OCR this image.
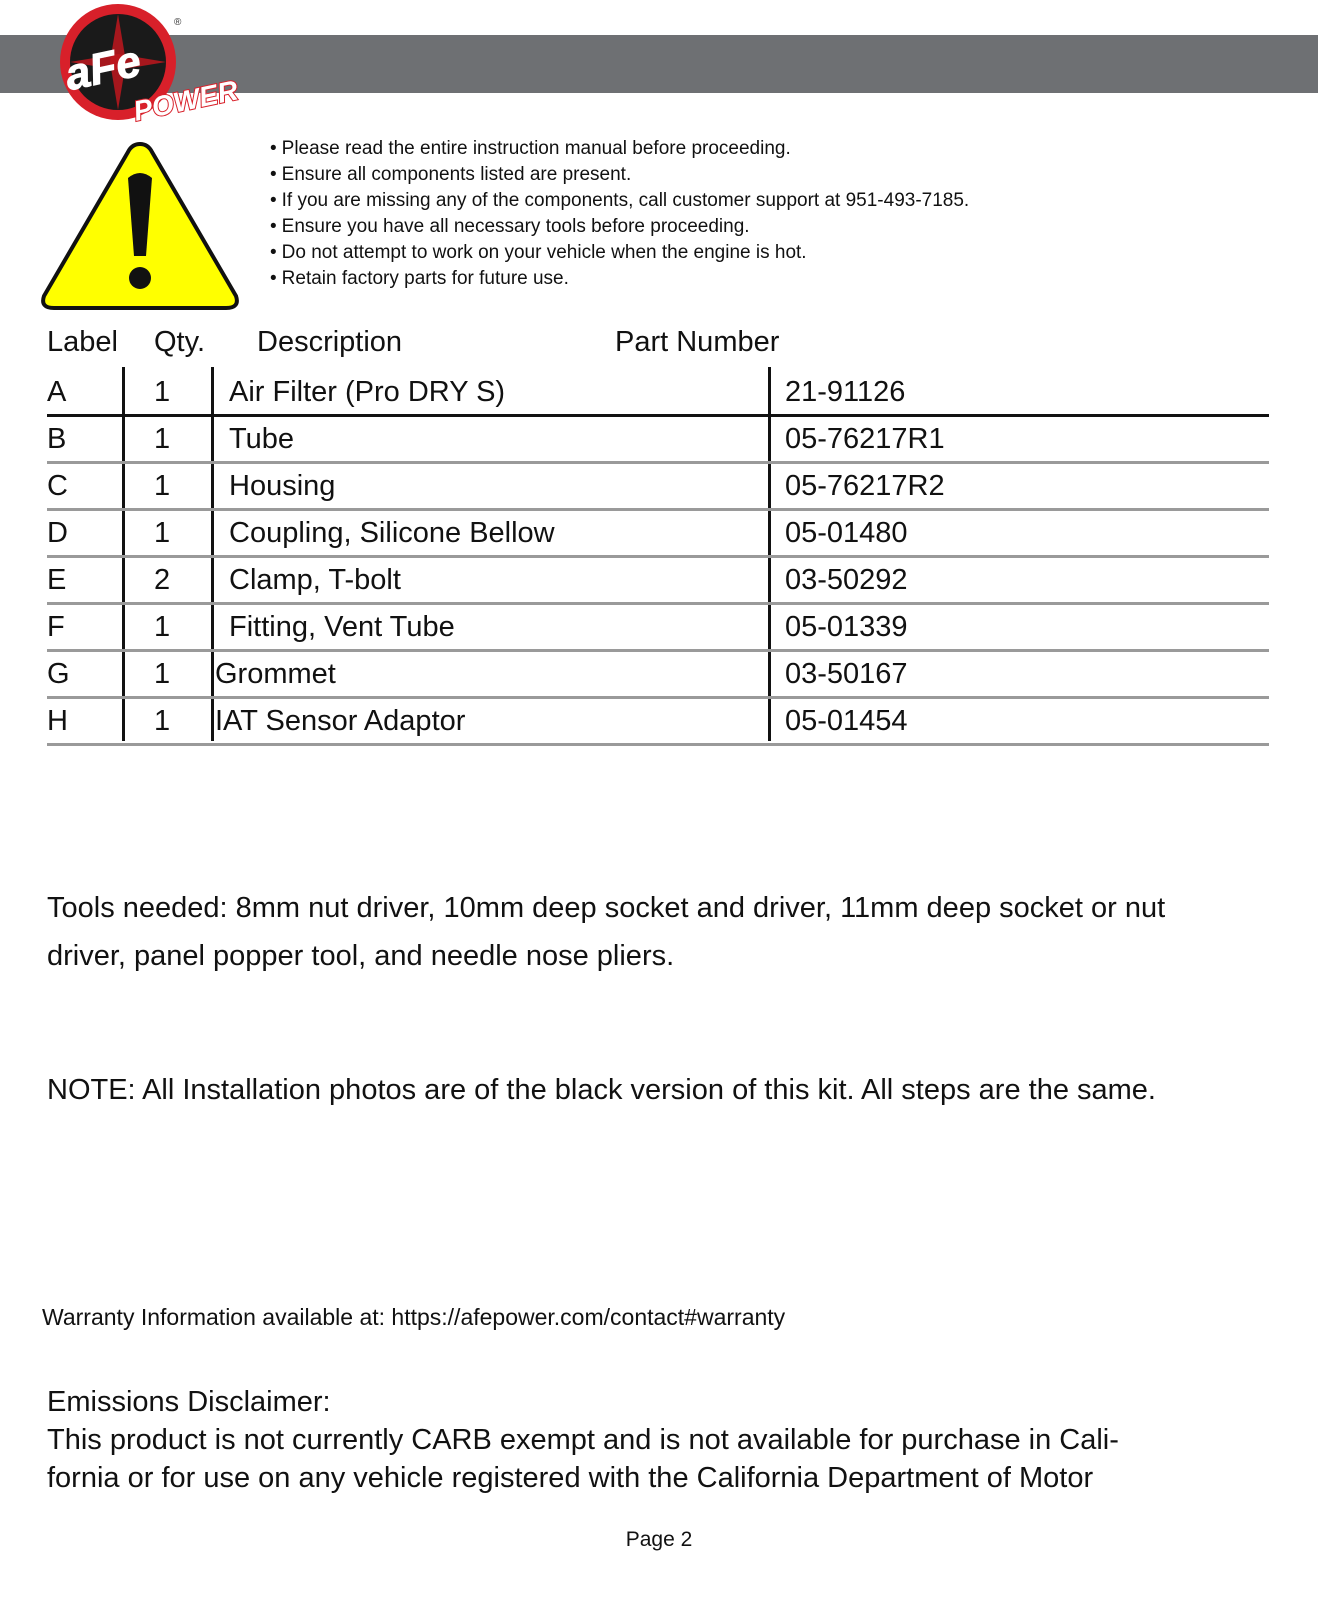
aFe
®
POWER
• Please read the entire instruction manual before proceeding.
• Ensure all components listed are present.
• If you are missing any of the components, call customer support at 951-493-7185.
• Ensure you have all necessary tools before proceeding.
• Do not attempt to work on your vehicle when the engine is hot.
• Retain factory parts for future use.
Label Qty. Description	Part Number
A	1 Air Filter (Pro DRY S)	21-91126
B	1 Tube	05-76217R1
C	1 Housing	05-76217R2
D	1 Coupling, Silicone Bellow	05-01480
E	2 Clamp, T-bolt	03-50292
F	1 Fitting, Vent Tube	05-01339
G	1 Grommet	03-50167
H	1 IAT Sensor Adaptor	05-01454

Tools needed: 8mm nut driver, 10mm deep socket and driver, 11mm deep socket or nut driver, panel popper tool, and needle nose pliers.

NOTE: All Installation photos are of the black version of this kit. All steps are the same.

Warranty Information available at: https://afepower.com/contact#warranty

Emissions Disclaimer:
This product is not currently CARB exempt and is not available for purchase in Cali-
fornia or for use on any vehicle registered with the California Department of Motor

Page 2
